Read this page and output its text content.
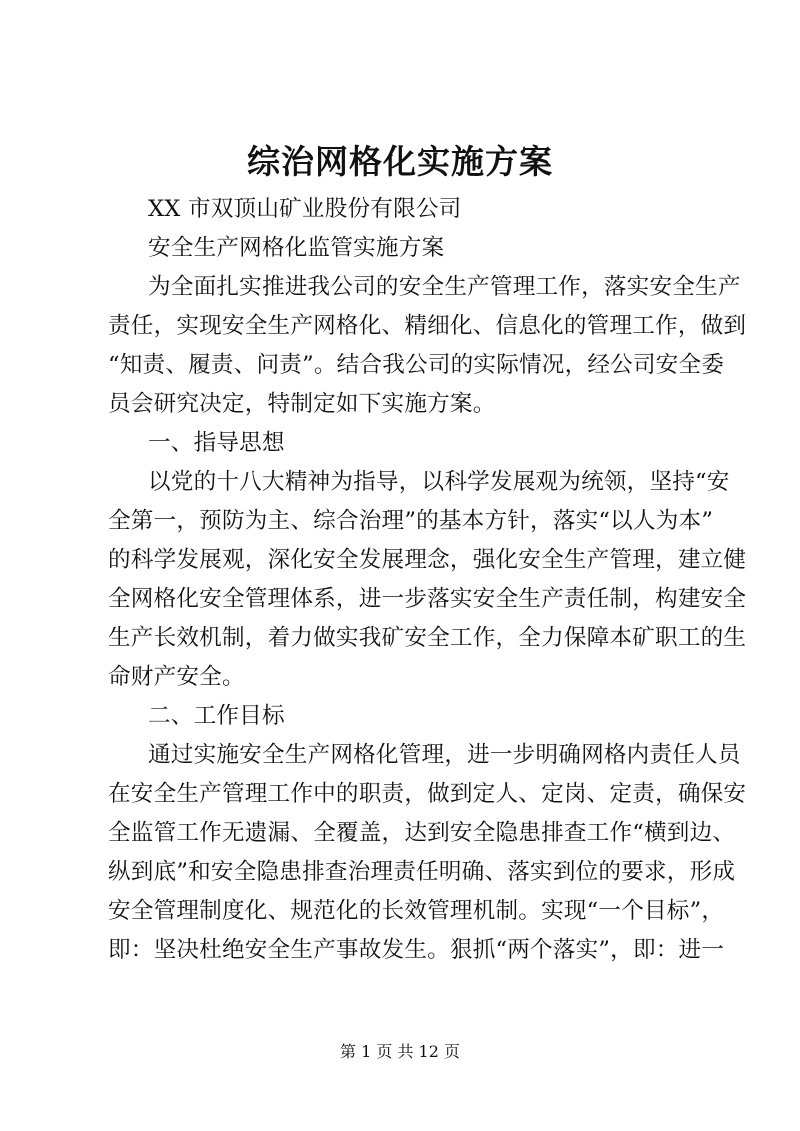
综治网格化实施方案
XX 市双顶山矿业股份有限公司
安全生产网格化监管实施方案
为全面扎实推进我公司的安全生产管理工作，落实安全生产
责任，实现安全生产网格化、精细化、信息化的管理工作，做到
“知责、履责、问责”。结合我公司的实际情况，经公司安全委
员会研究决定，特制定如下实施方案。
一、指导思想
以党的十八大精神为指导，以科学发展观为统领，坚持“安
全第一，预防为主、综合治理”的基本方针，落实“以人为本”
的科学发展观，深化安全发展理念，强化安全生产管理，建立健
全网格化安全管理体系，进一步落实安全生产责任制，构建安全
生产长效机制，着力做实我矿安全工作，全力保障本矿职工的生
命财产安全。
二、工作目标
通过实施安全生产网格化管理，进一步明确网格内责任人员
在安全生产管理工作中的职责，做到定人、定岗、定责，确保安
全监管工作无遗漏、全覆盖，达到安全隐患排查工作“横到边、
纵到底”和安全隐患排查治理责任明确、落实到位的要求，形成
安全管理制度化、规范化的长效管理机制。实现“一个目标”，
即：坚决杜绝安全生产事故发生。狠抓“两个落实”，即：进一
第 1 页 共 12 页
